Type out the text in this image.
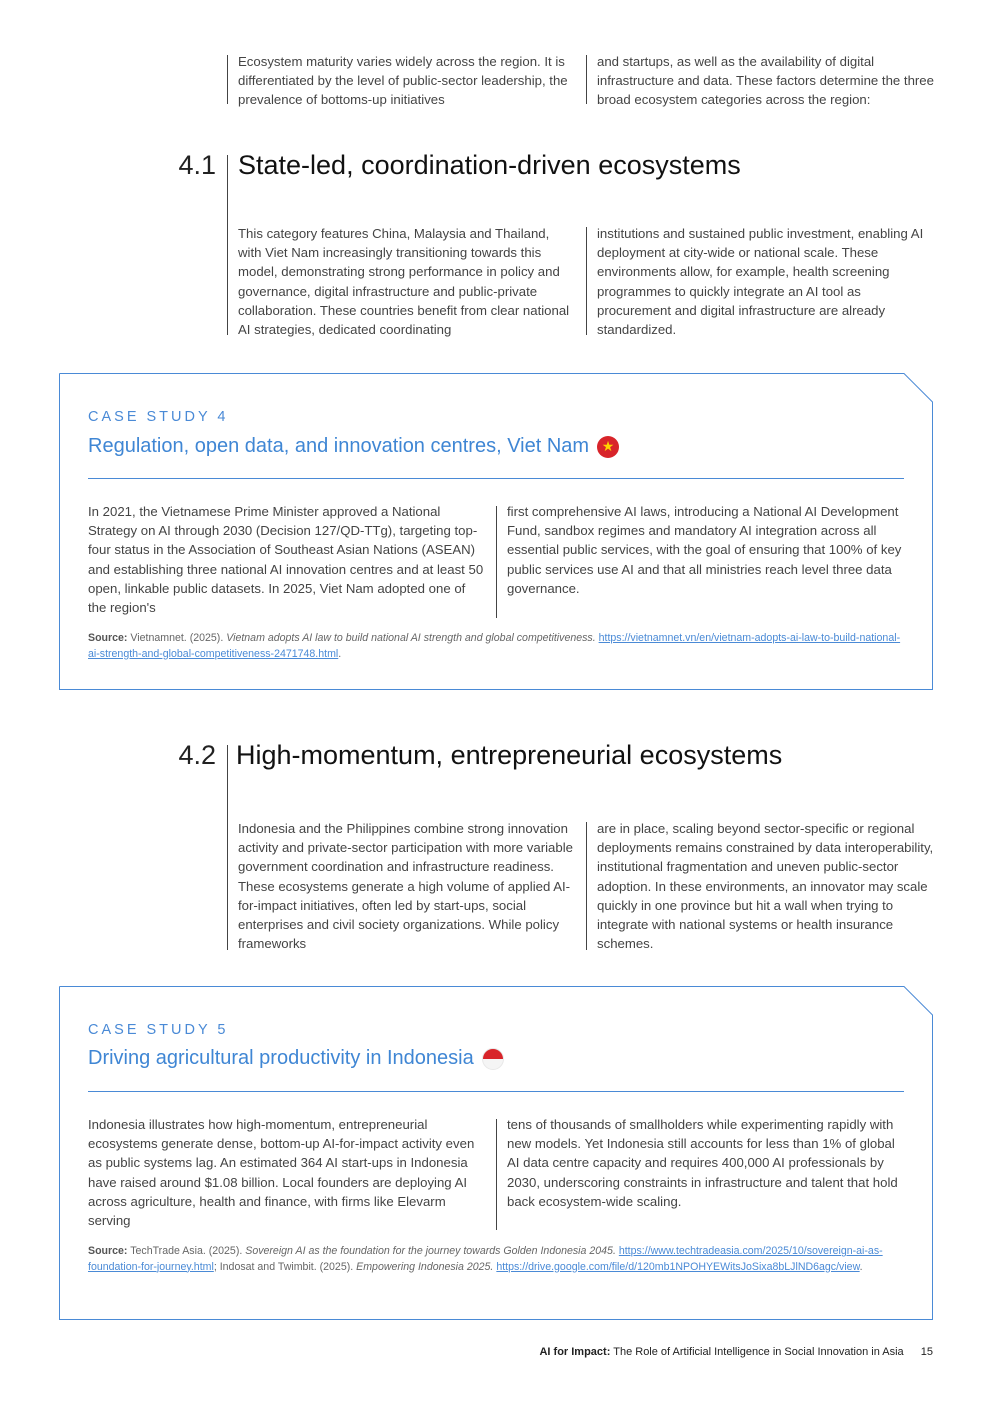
Ecosystem maturity varies widely across the region. It is differentiated by the level of public-sector leadership, the prevalence of bottoms-up initiatives

and startups, as well as the availability of digital infrastructure and data. These factors determine the three broad ecosystem categories across the region:

4.1 State-led, coordination-driven ecosystems

This category features China, Malaysia and Thailand, with Viet Nam increasingly transitioning towards this model, demonstrating strong performance in policy and governance, digital infrastructure and public-private collaboration. These countries benefit from clear national AI strategies, dedicated coordinating

institutions and sustained public investment, enabling AI deployment at city-wide or national scale. These environments allow, for example, health screening programmes to quickly integrate an AI tool as procurement and digital infrastructure are already standardized.

CASE STUDY 4
Regulation, open data, and innovation centres, Viet Nam ★

In 2021, the Vietnamese Prime Minister approved a National Strategy on AI through 2030 (Decision 127/QD-TTg), targeting top-four status in the Association of Southeast Asian Nations (ASEAN) and establishing three national AI innovation centres and at least 50 open, linkable public datasets. In 2025, Viet Nam adopted one of the region's

first comprehensive AI laws, introducing a National AI Development Fund, sandbox regimes and mandatory AI integration across all essential public services, with the goal of ensuring that 100% of key public services use AI and that all ministries reach level three data governance.

Source: Vietnamnet. (2025). Vietnam adopts AI law to build national AI strength and global competitiveness. https://vietnamnet.vn/en/vietnam-adopts-ai-law-to-build-national-ai-strength-and-global-competitiveness-2471748.html.
4.2 High-momentum, entrepreneurial ecosystems

Indonesia and the Philippines combine strong innovation activity and private-sector participation with more variable government coordination and infrastructure readiness. These ecosystems generate a high volume of applied AI-for-impact initiatives, often led by start-ups, social enterprises and civil society organizations. While policy frameworks

are in place, scaling beyond sector-specific or regional deployments remains constrained by data interoperability, institutional fragmentation and uneven public-sector adoption. In these environments, an innovator may scale quickly in one province but hit a wall when trying to integrate with national systems or health insurance schemes.

CASE STUDY 5
Driving agricultural productivity in Indonesia

Indonesia illustrates how high-momentum, entrepreneurial ecosystems generate dense, bottom-up AI-for-impact activity even as public systems lag. An estimated 364 AI start-ups in Indonesia have raised around $1.08 billion. Local founders are deploying AI across agriculture, health and finance, with firms like Elevarm serving

tens of thousands of smallholders while experimenting rapidly with new models. Yet Indonesia still accounts for less than 1% of global AI data centre capacity and requires 400,000 AI professionals by 2030, underscoring constraints in infrastructure and talent that hold back ecosystem-wide scaling.

Source: TechTrade Asia. (2025). Sovereign AI as the foundation for the journey towards Golden Indonesia 2045. https://www.techtradeasia.com/2025/10/sovereign-ai-as-foundation-for-journey.html; Indosat and Twimbit. (2025). Empowering Indonesia 2025. https://drive.google.com/file/d/120mb1NPOHYEWitsJoSixa8bLJlND6agc/view.
AI for Impact: The Role of Artificial Intelligence in Social Innovation in Asia 15
